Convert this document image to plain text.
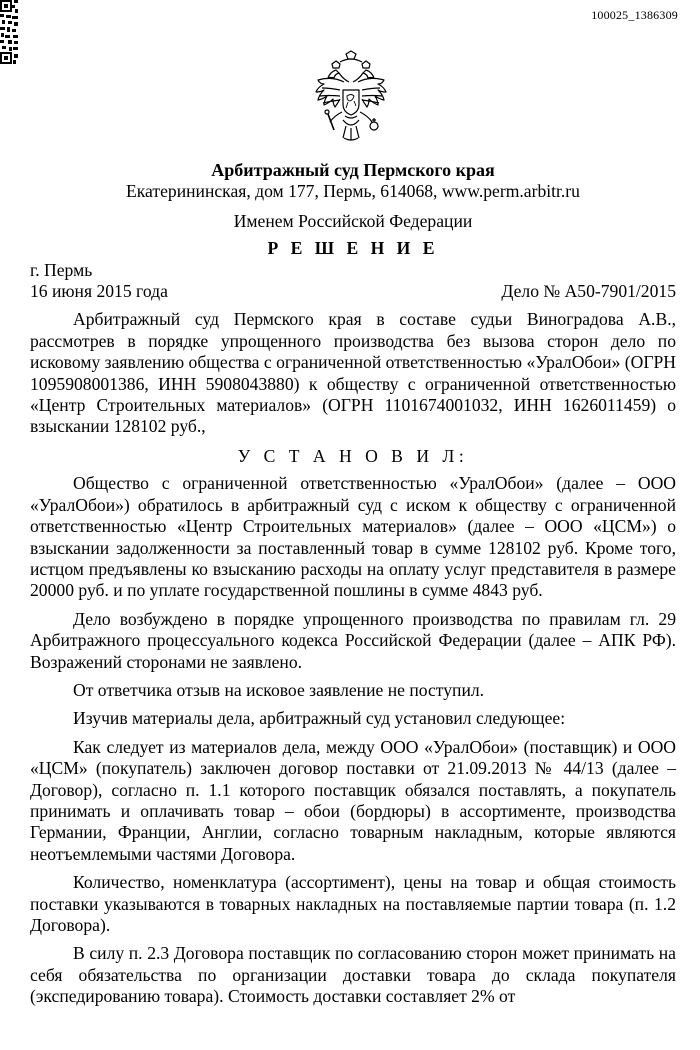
100025_1386309
Арбитражный суд Пермского края
Екатерининская, дом 177, Пермь, 614068, www.perm.arbitr.ru
Именем Российской Федерации
Р Е Ш Е Н И Е
г. Пермь
16 июня 2015 года	Дело № А50-7901/2015

Арбитражный суд Пермского края в составе судьи Виноградова А.В., рассмотрев в порядке упрощенного производства без вызова сторон дело по исковому заявлению общества с ограниченной ответственностью «УралОбои» (ОГРН 1095908001386, ИНН 5908043880) к обществу с ограниченной ответственностью «Центр Строительных материалов» (ОГРН 1101674001032, ИНН 1626011459) о взыскании 128102 руб.,

У С Т А Н О В И Л:

Общество с ограниченной ответственностью «УралОбои» (далее – ООО «УралОбои») обратилось в арбитражный суд с иском к обществу с ограниченной ответственностью «Центр Строительных материалов» (далее – ООО «ЦСМ») о взыскании задолженности за поставленный товар в сумме 128102 руб. Кроме того, истцом предъявлены ко взысканию расходы на оплату услуг представителя в размере 20000 руб. и по уплате государственной пошлины в сумме 4843 руб.

Дело возбуждено в порядке упрощенного производства по правилам гл. 29 Арбитражного процессуального кодекса Российской Федерации (далее – АПК РФ). Возражений сторонами не заявлено.

От ответчика отзыв на исковое заявление не поступил.

Изучив материалы дела, арбитражный суд установил следующее:

Как следует из материалов дела, между ООО «УралОбои» (поставщик) и ООО «ЦСМ» (покупатель) заключен договор поставки от 21.09.2013 № 44/13 (далее – Договор), согласно п. 1.1 которого поставщик обязался поставлять, а покупатель принимать и оплачивать товар – обои (бордюры) в ассортименте, производства Германии, Франции, Англии, согласно товарным накладным, которые являются неотъемлемыми частями Договора.

Количество, номенклатура (ассортимент), цены на товар и общая стоимость поставки указываются в товарных накладных на поставляемые партии товара (п. 1.2 Договора).

В силу п. 2.3 Договора поставщик по согласованию сторон может принимать на себя обязательства по организации доставки товара до склада покупателя (экспедированию товара). Стоимость доставки составляет 2% от
